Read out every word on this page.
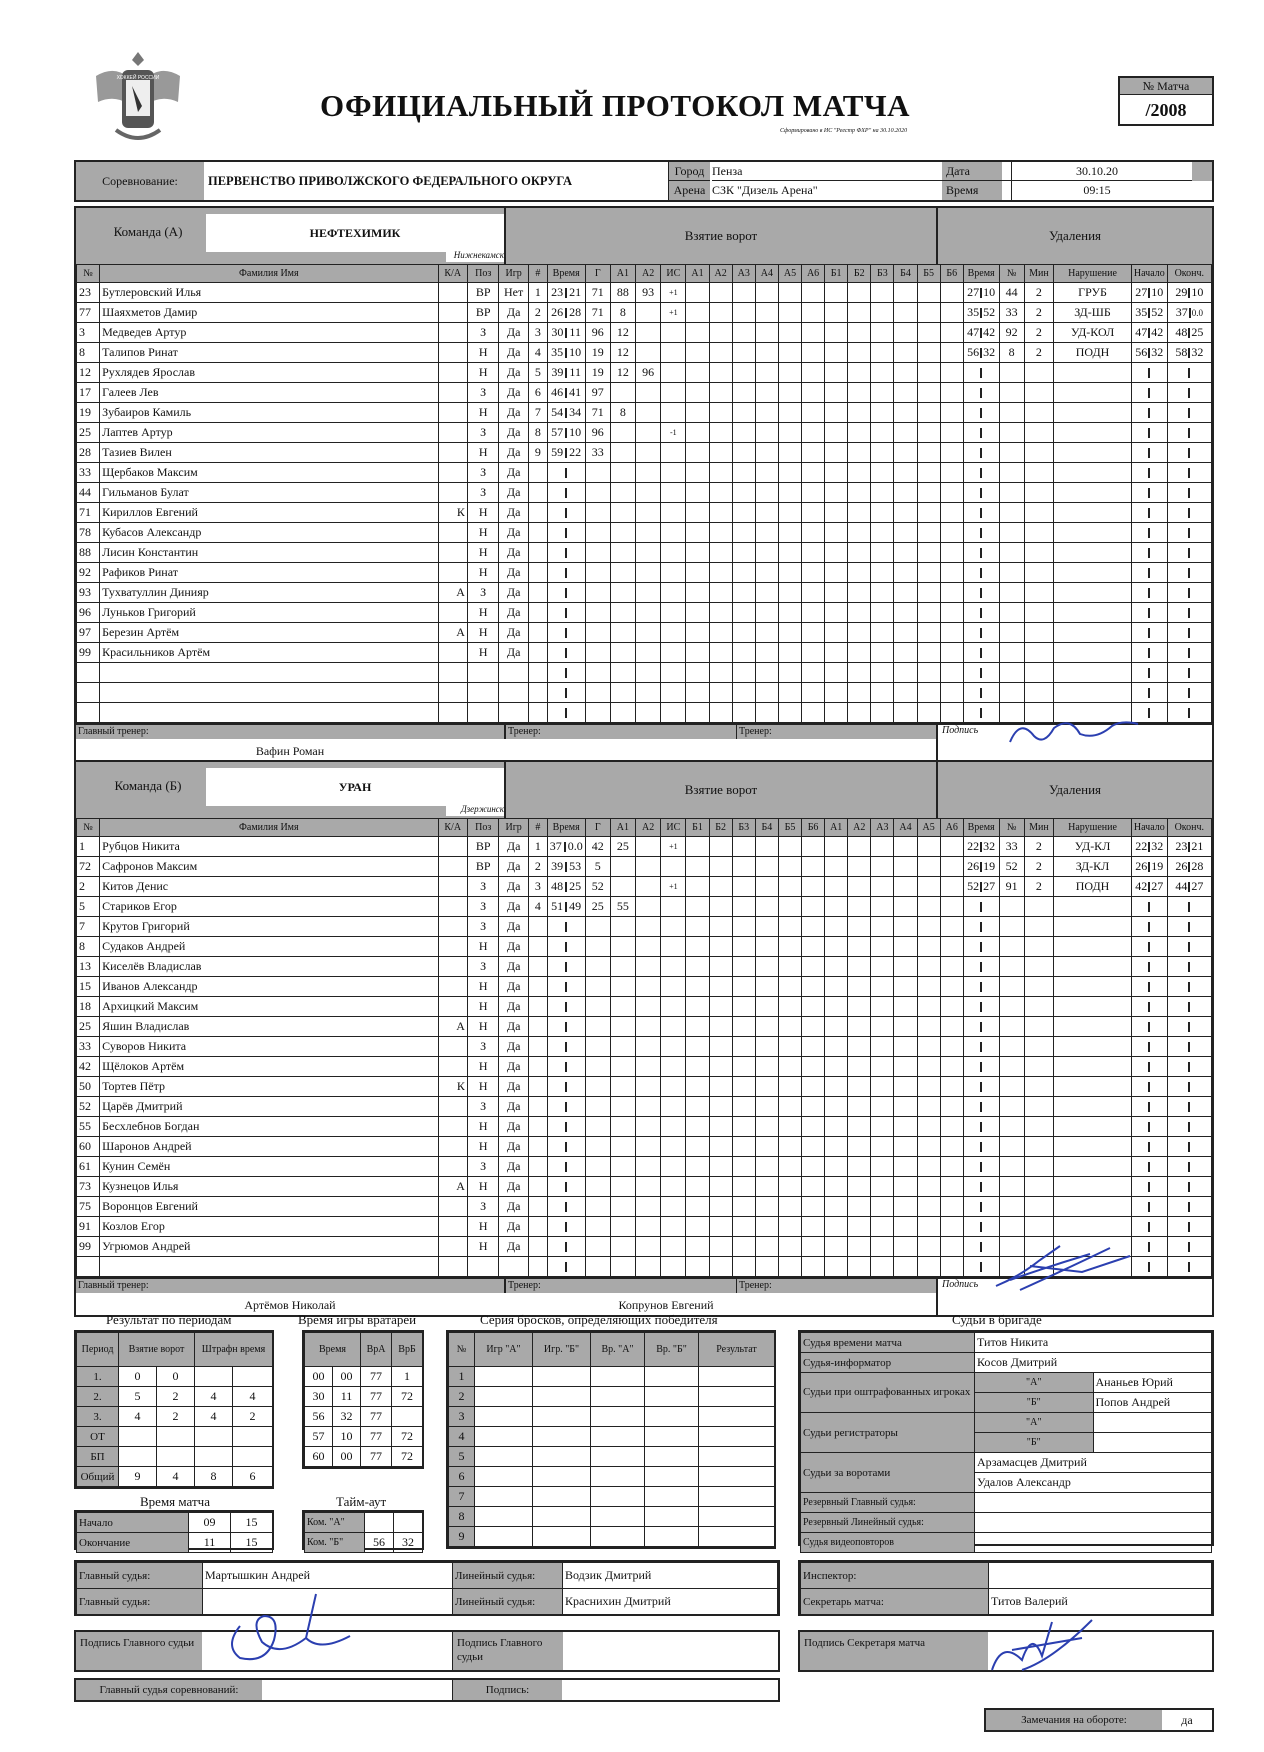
ХОККЕЙ РОССИИ
ОФИЦИАЛЬНЫЙ ПРОТОКОЛ МАТЧА
Сформировано в ИС "Реестр ФХР" на 30.10.2020
№ Матча
/2008
Соревнование:	ПЕРВЕНСТВО ПРИВОЛЖСКОГО ФЕДЕРАЛЬНОГО ОКРУГА
Город Пенза
Арена СЗК "Дизель Арена"
Дата	30.10.20
Время	09:15
Команда (А)	НЕФТЕХИМИК
Нижнекамск
Взятие ворот	Удаления
№	Фамилия Имя	К/А	Поз	Игр	#	Время	Г	А1	А2	ИС	А1	А2	А3	А4	А5	А6	Б1	Б2	Б3	Б4	Б5	Б6	Время	№	Мин	Нарушение	Начало	Оконч.
23	Бутлеровский Илья		ВР	Нет	1	23 21	71	88	93	+1													27 10	44	2	ГРУБ	27 10	29 10
77	Шаяхметов Дамир		ВР	Да	2	26 28	71	8		+1													35 52	33	2	ЗД-ШБ	35 52	37 0.0
3	Медведев Артур		З	Да	3	30 11	96	12															47 42	92	2	УД-КОЛ	47 42	48 25
8	Талипов Ринат		Н	Да	4	35 10	19	12															56 32	8	2	ПОДН	56 32	58 32
12	Рухлядев Ярослав		Н	Да	5	39 11	19	12	96																			
17	Галеев Лев		З	Да	6	46 41	97																					
19	Зубаиров Камиль		Н	Да	7	54 34	71	8																				
25	Лаптев Артур		З	Да	8	57 10	96			-1																		
28	Тазиев Вилен		Н	Да	9	59 22	33																					
33	Щербаков Максим		З	Да																								
44	Гильманов Булат		З	Да																								
71	Кириллов Евгений	К	Н	Да																								
78	Кубасов Александр		Н	Да																								
88	Лисин Константин		Н	Да																								
92	Рафиков Ринат		Н	Да																								
93	Тухватуллин Динияр	А	З	Да																								
96	Луньков Григорий		Н	Да																								
97	Березин Артём	А	Н	Да																								
99	Красильников Артём		Н	Да																								

Главный тренер:
Вафин Роман
Тренер:	Тренер:	Подпись
Команда (Б)	УРАН
Дзержинск
Взятие ворот	Удаления
№	Фамилия Имя	К/А	Поз	Игр	#	Время	Г	А1	А2	ИС	Б1	Б2	Б3	Б4	Б5	Б6	А1	А2	А3	А4	А5	А6	Время	№	Мин	Нарушение	Начало	Оконч.
1	Рубцов Никита		ВР	Да	1	37 0.0	42	25		+1													22 32	33	2	УД-КЛ	22 32	23 21
72	Сафронов Максим		ВР	Да	2	39 53	5																26 19	52	2	ЗД-КЛ	26 19	26 28
2	Китов Денис		З	Да	3	48 25	52			+1													52 27	91	2	ПОДН	42 27	44 27
5	Стариков Егор		З	Да	4	51 49	25	55																				
7	Крутов Григорий		З	Да																								
8	Судаков Андрей		Н	Да																								
13	Киселёв Владислав		З	Да																								
15	Иванов Александр		Н	Да																								
18	Архицкий Максим		Н	Да																								
25	Яшин Владислав	А	Н	Да																								
33	Суворов Никита		З	Да																								
42	Щёлоков Артём		Н	Да																								
50	Тортев Пётр	К	Н	Да																								
52	Царёв Дмитрий		З	Да																								
55	Бесхлебнов Богдан		Н	Да																								
60	Шаронов Андрей		Н	Да																								
61	Кунин Семён		З	Да																								
73	Кузнецов Илья	А	Н	Да																								
75	Воронцов Евгений		З	Да																								
91	Козлов Егор		Н	Да																								
99	Угрюмов Андрей		Н	Да																								

Главный тренер:
Артёмов Николай
Тренер:	Тренер:
Копрунов Евгений
Подпись
Результат по периодам	Время игры вратарей	Серия бросков, определяющих победителя	Судьи в бригаде
Период	Взятие ворот		Штрафн время	
1.	0	0		
2.	5	2	4	4
3.	4	2	4	2
ОТ				
БП				
Общий	9	4	8	6
Время		ВрА	ВрБ
00	00	77	1
30	11	77	72
56	32	77	
57	10	77	72
60	00	77	72
№	Игр "А"	Игр. "Б"	Вр. "А"	Вр. "Б"	Результат
1					
2					
3					
4					
5					
6					
7					
8					
9					
Время матча	Тайм-аут
Начало	09	15
Окончание	11	15
Ком. "А"		
Ком. "Б"	56	32
Судья времени матча	Титов Никита	
Судья-информатор	Косов Дмитрий	
Судьи при оштрафованных игроках	"А"	Ананьев Юрий
	"Б"	Попов Андрей
Судьи регистраторы	"А"	
	"Б"	
Судьи за воротами	Арзамасцев Дмитрий	
	Удалов Александр	
Резервный Главный судья:		
Резервный Линейный судья:		
Судья видеоповторов		
Главный судья:	Мартышкин Андрей	Линейный судья:	Водзик Дмитрий
Главный судья:		Линейный судья:	Краснихин Дмитрий
Инспектор:	
Секретарь матча:	Титов Валерий
Подпись Главного судьи	Подпись Главного судьи
Подпись Секретаря матча
Главный судья соревнований:	Подпись:
Замечания на обороте:	да
